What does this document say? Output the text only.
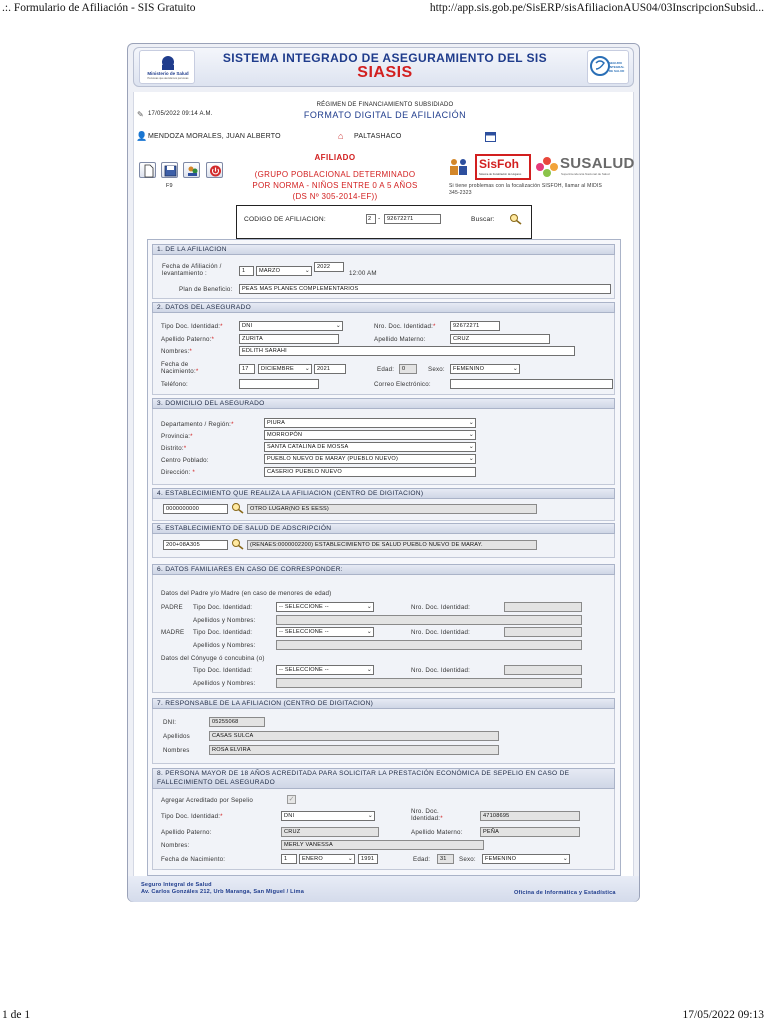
.:. Formulario de Afiliación - SIS Gratuito	http://app.sis.gob.pe/SisERP/sisAfiliacionAUS04/03InscripcionSubsid...
1 de 1	17/05/2022 09:13
Ministerio de Salud
Personas que atendemos personas
SISTEMA INTEGRADO DE ASEGURAMIENTO DEL SIS
SIASIS
SEGURO INTEGRAL DE SALUD
✎ 17/05/2022 09:14 A.M.
RÉGIMEN DE FINANCIAMIENTO SUBSIDIADO
FORMATO DIGITAL DE AFILIACIÓN
👤 MENDOZA MORALES, JUAN ALBERTO	⌂ PALTASHACO
F9
AFILIADO
(GRUPO POBLACIONAL DETERMINADO
POR NORMA - NIÑOS ENTRE 0 A 5 AÑOS
(DS Nº 305-2014-EF))
SisFoh
Sistema de Focalización de Hogares
SUSALUD
Superintendencia Nacional de Salud
Si tiene problemas con la focalización SISFOH, llamar al MIDIS
345-2323
CODIGO DE AFILIACION:	2	-	92672271	Buscar:
1. DE LA AFILIACION
Fecha de Afiliación /
levantamiento :	1	MARZO	⌄
2022
12:00 AM
Plan de Beneficio:	PEAS MAS PLANES COMPLEMENTARIOS
2. DATOS DEL ASEGURADO
Tipo Doc. Identidad:*	DNI	⌄	Nro. Doc. Identidad:*	92672271
Apellido Paterno:*	ZURITA	Apellido Materno:	CRUZ
Nombres:*	EDLITH SARAHI
Fecha de
Nacimiento:*	17	DICIEMBRE ⌄	2021	Edad:	0	Sexo:	FEMENINO	⌄
Teléfono:	Correo Electrónico:
3. DOMICILIO DEL ASEGURADO
Departamento / Región:*	PIURA	⌄
Provincia:*	MORROPÓN	⌄
Distrito:*	SANTA CATALINA DE MOSSA	⌄
Centro Poblado:	PUEBLO NUEVO DE MARAY (PUEBLO NUEVO)	⌄
Dirección: *	CASERIO PUEBLO NUEVO
4. ESTABLECIMIENTO QUE REALIZA LA AFILIACION (CENTRO DE DIGITACION)
0000000000	OTRO LUGAR(NO ES EESS)
5. ESTABLECIMIENTO DE SALUD DE ADSCRIPCIÓN
200+08A305	(RENAES:0000002200) ESTABLECIMIENTO DE SALUD PUEBLO NUEVO DE MARAY.
6. DATOS FAMILIARES EN CASO DE CORRESPONDER:
Datos del Padre y/o Madre (en caso de menores de edad)
PADRE Tipo Doc. Identidad:	-- SELECCIONE --	⌄	Nro. Doc. Identidad:
Apellidos y Nombres:
MADRE Tipo Doc. Identidad:	-- SELECCIONE --	⌄	Nro. Doc. Identidad:
Apellidos y Nombres:
Datos del Cónyuge ó concubina (o)
Tipo Doc. Identidad:	-- SELECCIONE --	⌄	Nro. Doc. Identidad:
Apellidos y Nombres:
7. RESPONSABLE DE LA AFILIACION (CENTRO DE DIGITACION)
DNI:	05255068
Apellidos	CASAS SULCA
Nombres	ROSA ELVIRA
8. PERSONA MAYOR DE 18 AÑOS ACREDITADA PARA SOLICITAR LA PRESTACIÓN ECONÓMICA DE SEPELIO EN CASO DE
FALLECIMIENTO DEL ASEGURADO
Agregar Acreditado por Sepelio	✓
Tipo Doc. Identidad:*	DNI	⌄
Nro. Doc.
Identidad:*	47108695
Apellido Paterno:	CRUZ	Apellido Materno:	PEÑA
Nombres:	MERLY VANESSA
Fecha de Nacimiento:	1	ENERO	⌄	1991	Edad:	31	Sexo:	FEMENINO	⌄
Seguro Integral de Salud
Av. Carlos Gonzáles 212, Urb Maranga, San Miguel / Lima	Oficina de Informática y Estadística
